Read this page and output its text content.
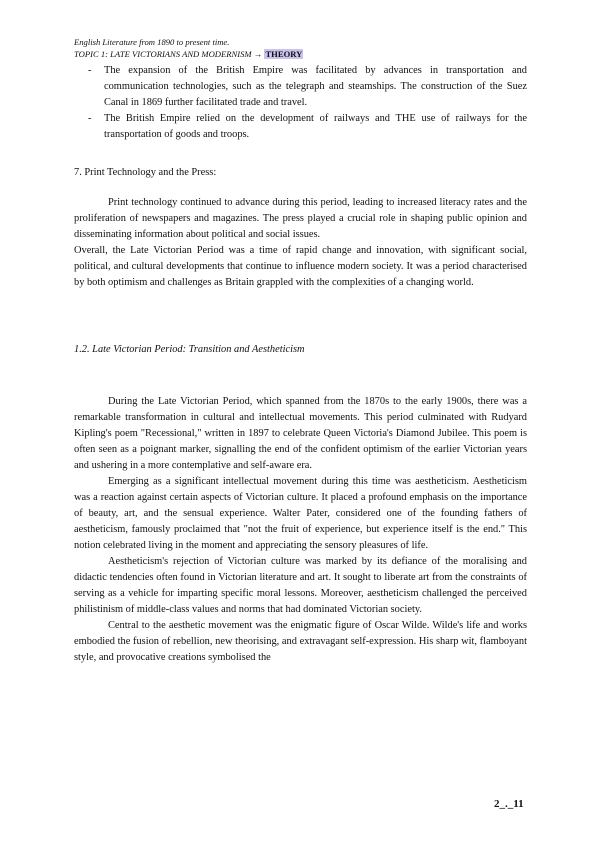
English Literature from 1890 to present time.
TOPIC 1: LATE VICTORIANS AND MODERNISM → THEORY
- The expansion of the British Empire was facilitated by advances in transportation and communication technologies, such as the telegraph and steamships. The construction of the Suez Canal in 1869 further facilitated trade and travel.
- The British Empire relied on the development of railways and THE use of railways for the transportation of goods and troops.

7. Print Technology and the Press:

Print technology continued to advance during this period, leading to increased literacy rates and the proliferation of newspapers and magazines. The press played a crucial role in shaping public opinion and disseminating information about political and social issues.

Overall, the Late Victorian Period was a time of rapid change and innovation, with significant social, political, and cultural developments that continue to influence modern society. It was a period characterised by both optimism and challenges as Britain grappled with the complexities of a changing world.

1.2. Late Victorian Period: Transition and Aestheticism

During the Late Victorian Period, which spanned from the 1870s to the early 1900s, there was a remarkable transformation in cultural and intellectual movements. This period culminated with Rudyard Kipling's poem "Recessional," written in 1897 to celebrate Queen Victoria's Diamond Jubilee. This poem is often seen as a poignant marker, signalling the end of the confident optimism of the earlier Victorian years and ushering in a more contemplative and self-aware era.

Emerging as a significant intellectual movement during this time was aestheticism. Aestheticism was a reaction against certain aspects of Victorian culture. It placed a profound emphasis on the importance of beauty, art, and the sensual experience. Walter Pater, considered one of the founding fathers of aestheticism, famously proclaimed that "not the fruit of experience, but experience itself is the end." This notion celebrated living in the moment and appreciating the sensory pleasures of life.

Aestheticism's rejection of Victorian culture was marked by its defiance of the moralising and didactic tendencies often found in Victorian literature and art. It sought to liberate art from the constraints of serving as a vehicle for imparting specific moral lessons. Moreover, aestheticism challenged the perceived philistinism of middle-class values and norms that had dominated Victorian society.

Central to the aesthetic movement was the enigmatic figure of Oscar Wilde. Wilde's life and works embodied the fusion of rebellion, new theorising, and extravagant self-expression. His sharp wit, flamboyant style, and provocative creations symbolised the

2_._11
